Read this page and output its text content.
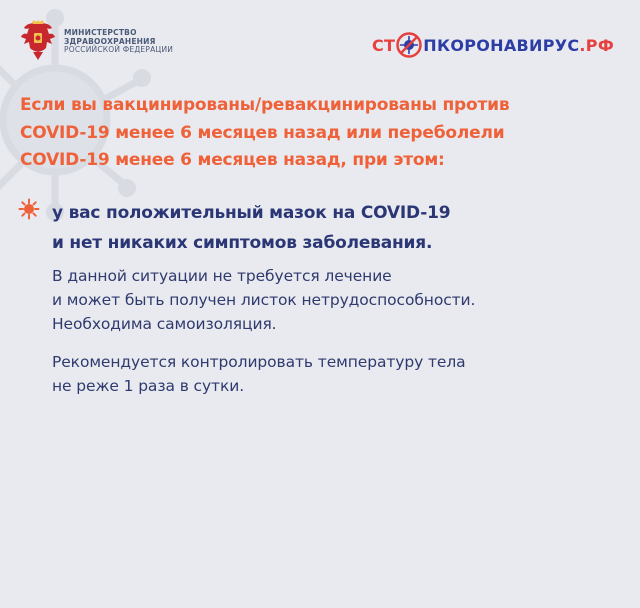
МИНИСТЕРСТВО
ЗДРАВООХРАНЕНИЯ
РОССИЙСКОЙ ФЕДЕРАЦИИ	СТ ПКОРОНАВИРУС .РФ
Если вы вакцинированы/ревакцинированы против
COVID-19 менее 6 месяцев назад или переболели
COVID-19 менее 6 месяцев назад, при этом:
у вас положительный мазок на COVID-19
и нет никаких симптомов заболевания.
В данной ситуации не требуется лечение
и может быть получен листок нетрудоспособности.
Необходима самоизоляция.
Рекомендуется контролировать температуру тела
не реже 1 раза в сутки.
